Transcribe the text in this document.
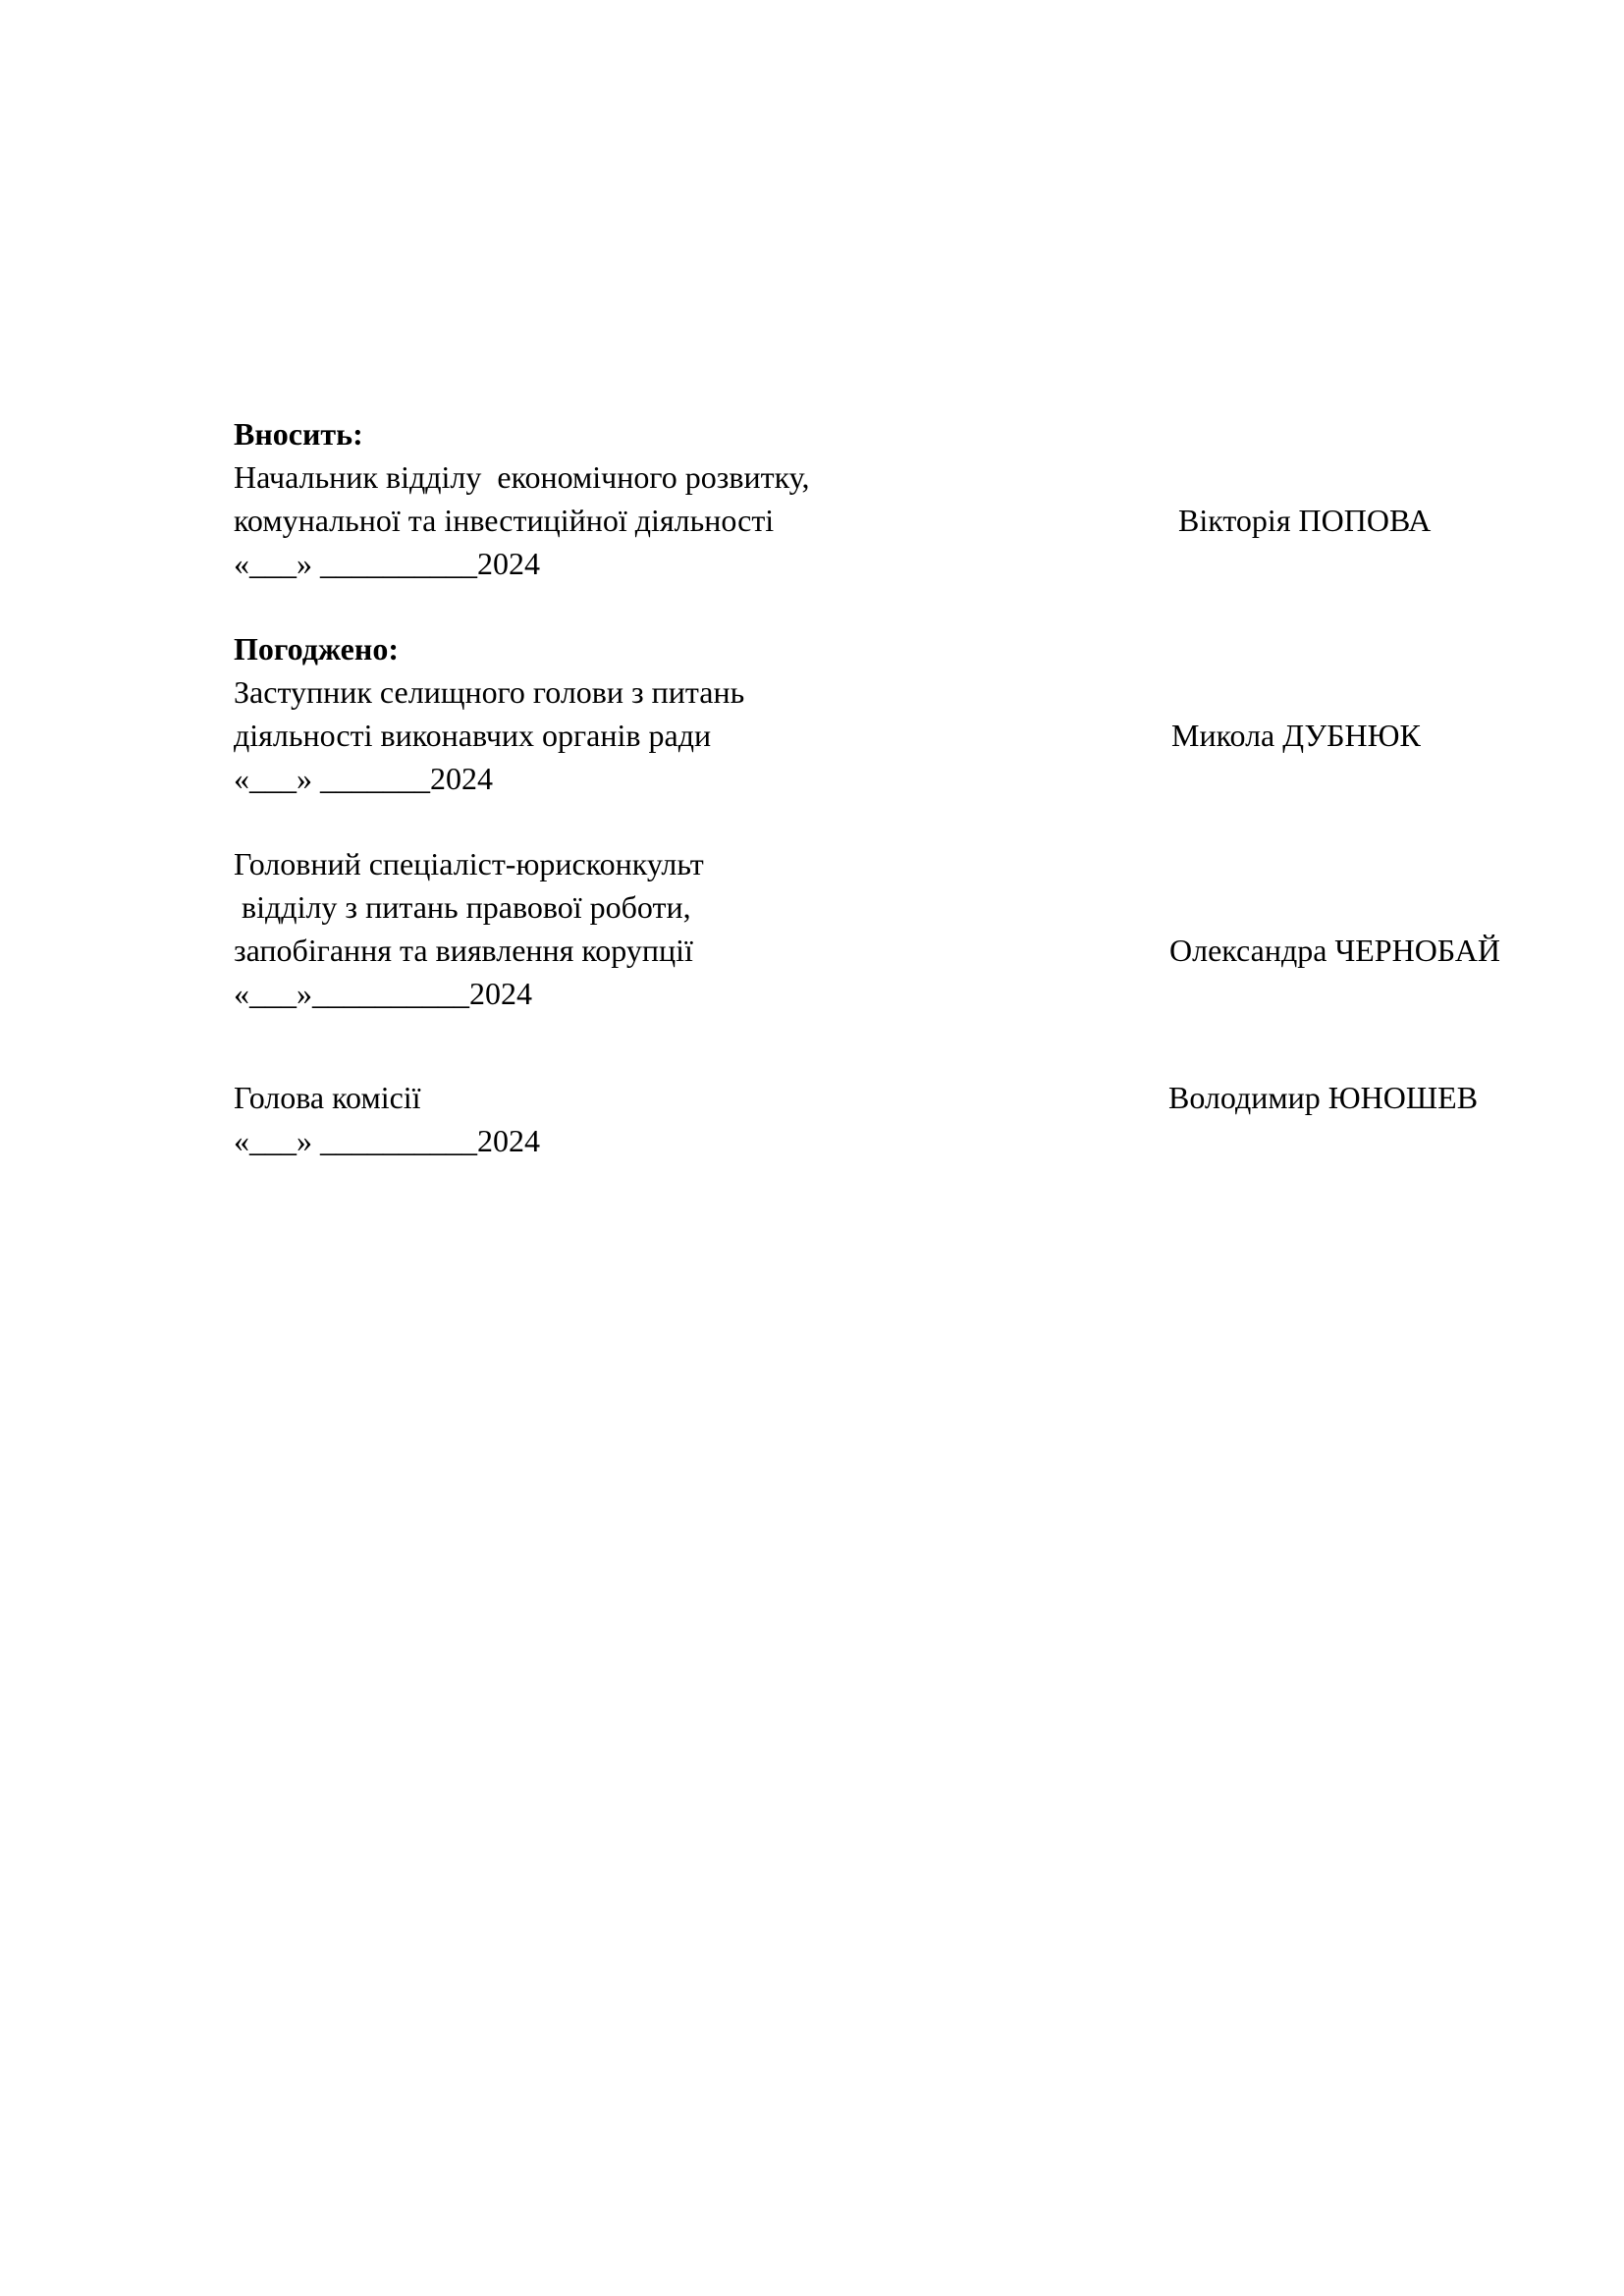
Вносить:

Начальник відділу  економічного розвитку,

комунальної та інвестиційної діяльності	Вікторія ПОПОВА

«___» __________2024

Погоджено:

Заступник селищного голови з питань

діяльності виконавчих органів ради	Микола ДУБНЮК

«___» _______2024

Головний спеціаліст-юрисконкульт

відділу з питань правової роботи,

запобігання та виявлення корупції	Олександра ЧЕРНОБАЙ

«___»__________2024

Голова комісії	Володимир ЮНОШЕВ

«___» __________2024
